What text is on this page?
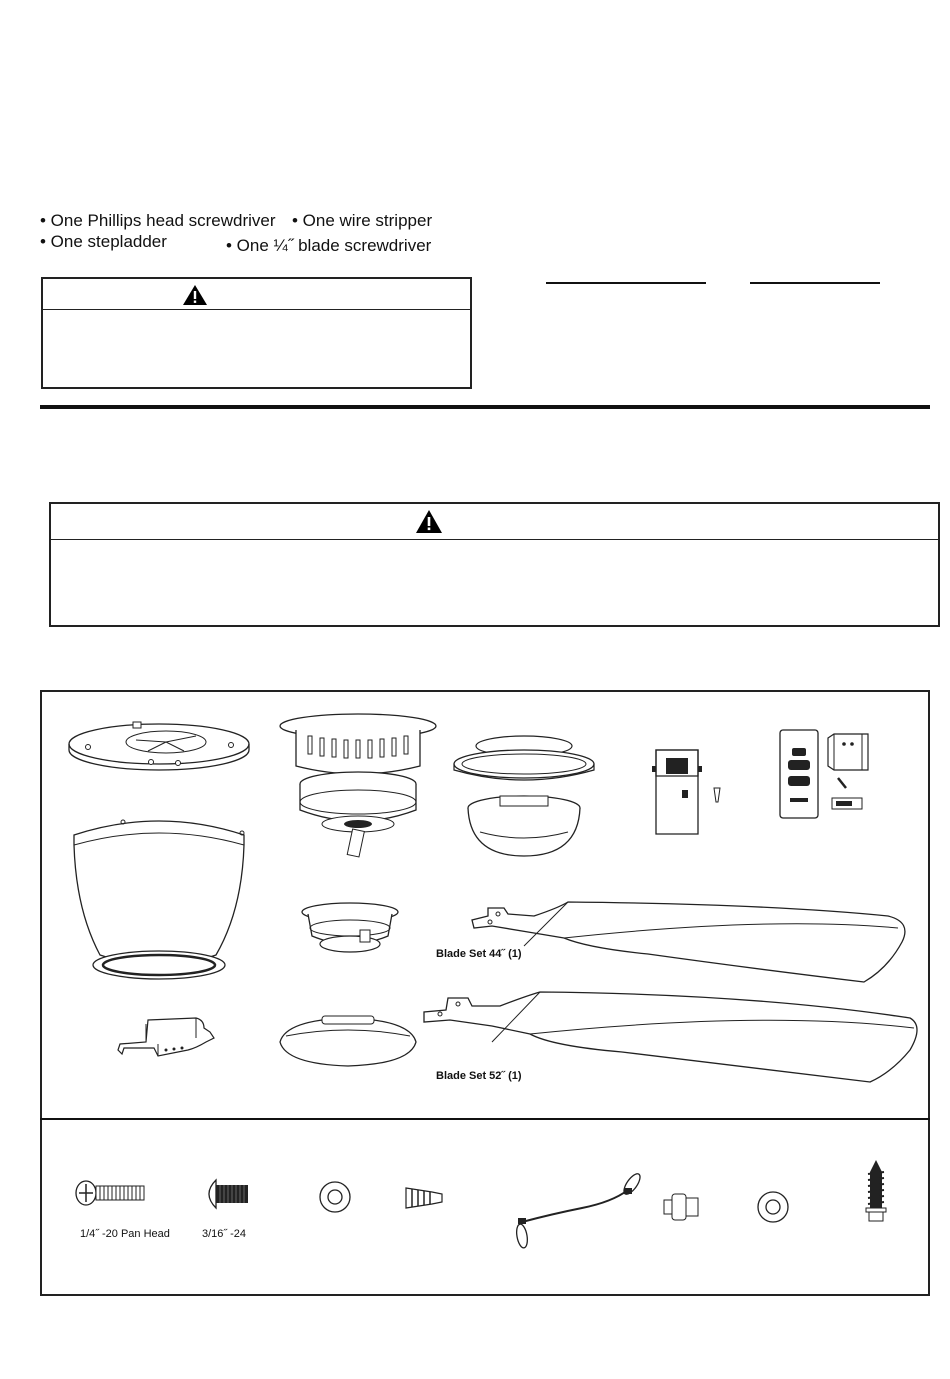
• One Phillips head screwdriver • One wire stripper
• One stepladder	• One ¼˝ blade screwdriver
Blade Set 44˝ (1)
Blade Set 52˝ (1)
1/4˝ -20 Pan Head	3/16˝ -24
